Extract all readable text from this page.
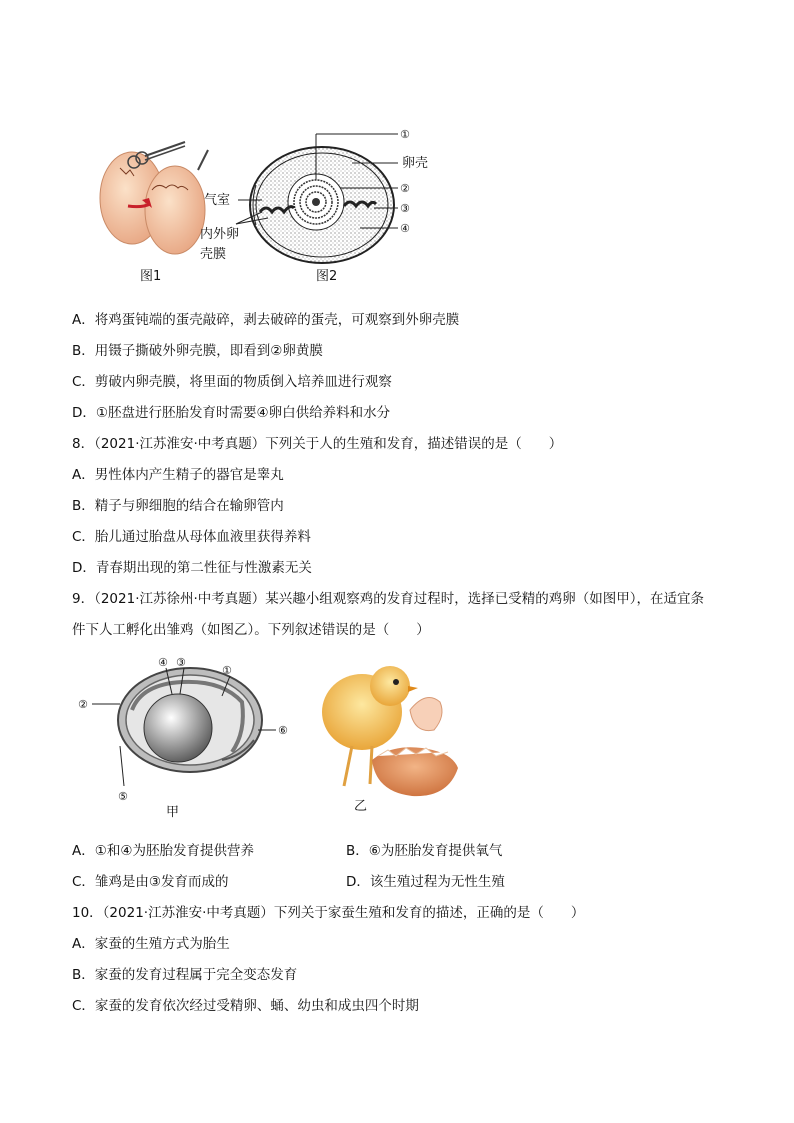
图1
①
卵壳
②
③
④
气室
内外卵
壳膜
图2
A．将鸡蛋钝端的蛋壳敲碎，剥去破碎的蛋壳，可观察到外卵壳膜
B．用镊子撕破外卵壳膜，即看到②卵黄膜
C．剪破内卵壳膜，将里面的物质倒入培养皿进行观察
D．①胚盘进行胚胎发育时需要④卵白供给养料和水分
8．（2021·江苏淮安·中考真题）下列关于人的生殖和发育，描述错误的是（　　）
A．男性体内产生精子的器官是睾丸
B．精子与卵细胞的结合在输卵管内
C．胎儿通过胎盘从母体血液里获得养料
D．青春期出现的第二性征与性激素无关
9．（2021·江苏徐州·中考真题）某兴趣小组观察鸡的发育过程时，选择已受精的鸡卵（如图甲），在适宜条
件下人工孵化出雏鸡（如图乙）。下列叙述错误的是（　　）
②
④ ③
①
⑥
⑤
甲	乙
A．①和④为胚胎发育提供营养	B．⑥为胚胎发育提供氧气
C．雏鸡是由③发育而成的	D．该生殖过程为无性生殖
10．（2021·江苏淮安·中考真题）下列关于家蚕生殖和发育的描述，正确的是（　　）
A．家蚕的生殖方式为胎生
B．家蚕的发育过程属于完全变态发育
C．家蚕的发育依次经过受精卵、蛹、幼虫和成虫四个时期
